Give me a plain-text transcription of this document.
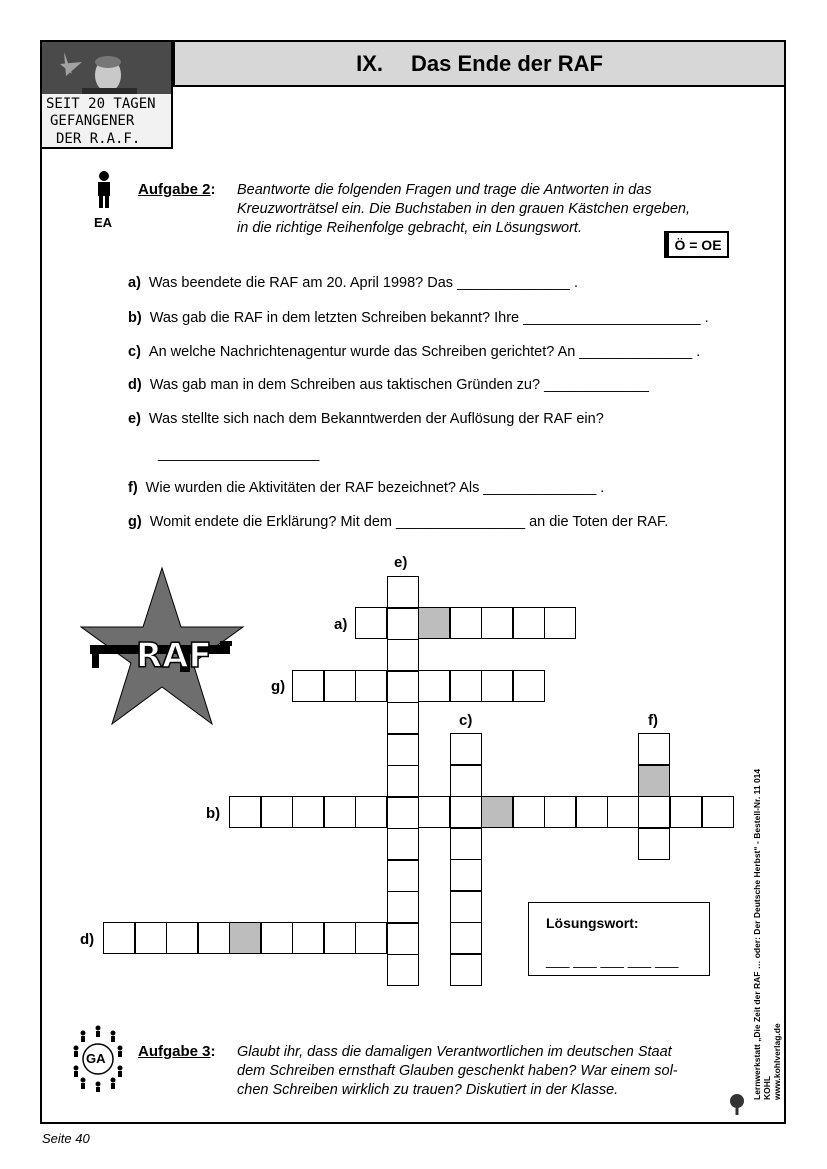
SEIT 20 TAGEN
GEFANGENER
DER R.A.F.
IX. Das Ende der RAF
EA
Aufgabe 2: Beantworte die folgenden Fragen und trage die Antworten in das
Kreuzworträtsel ein. Die Buchstaben in den grauen Kästchen ergeben,
in die richtige Reihenfolge gebracht, ein Lösungswort.
Ö = OE
a) Was beendete die RAF am 20. April 1998? Das ______________ .
b) Was gab die RAF in dem letzten Schreiben bekannt? Ihre ______________________ .
c) An welche Nachrichtenagentur wurde das Schreiben gerichtet? An ______________ .
d) Was gab man in dem Schreiben aus taktischen Gründen zu? _____________
e) Was stellte sich nach dem Bekanntwerden der Auflösung der RAF ein?
____________________
f) Wie wurden die Aktivitäten der RAF bezeichnet? Als ______________ .
g) Womit endete die Erklärung? Mit dem ________________ an die Toten der RAF.
RAF
e)
a)
g)
c)	f)
b)
d)
Lösungswort:
___ ___ ___ ___ ___
GA Aufgabe 3: Glaubt ihr, dass die damaligen Verantwortlichen im deutschen Staat
dem Schreiben ernsthaft Glauben geschenkt haben? War einem sol-
chen Schreiben wirklich zu trauen? Diskutiert in der Klasse.	Lernwerkstatt „Die Zeit der RAF … oder: Der Deutsche Herbst“ - Bestell-Nr. 11 014 KOHL www.kohlverlag.de
Seite 40
